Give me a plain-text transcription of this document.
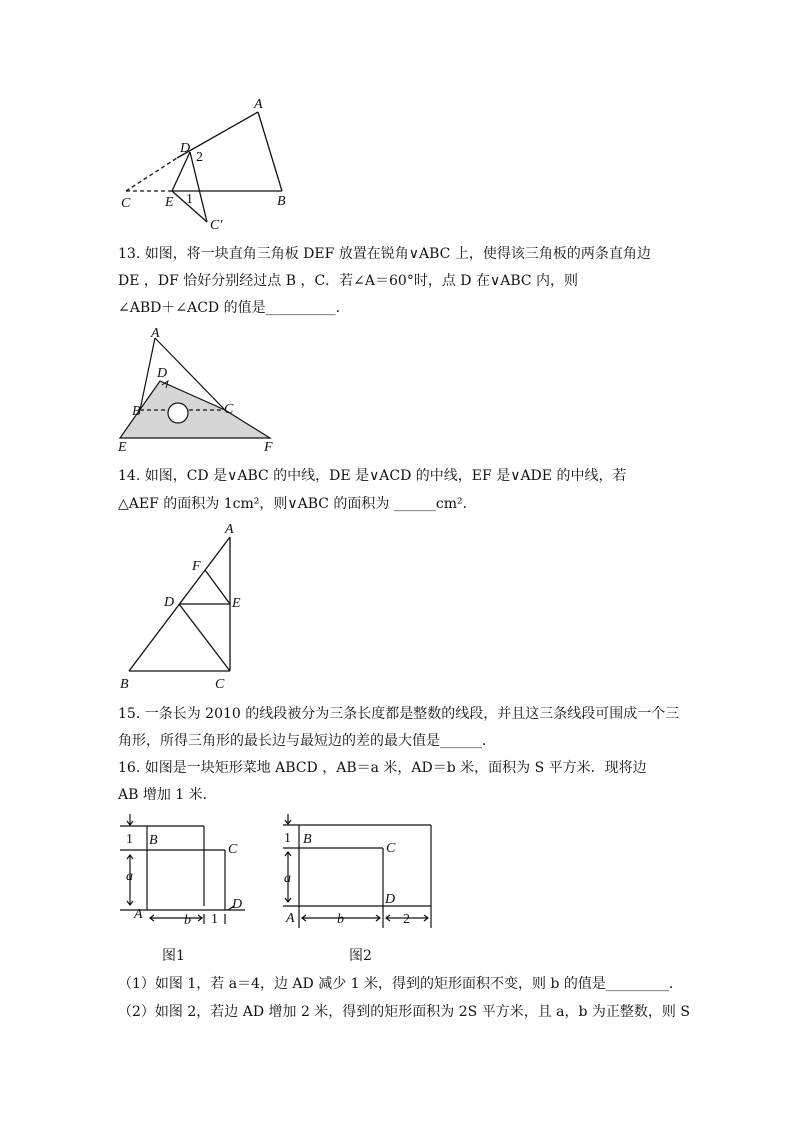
A
D
2
C E 1	B
C′
13. 如图，将一块直角三角板 DEF 放置在锐角∨ABC 上，使得该三角板的两条直角边
DE ，DF 恰好分别经过点 B ，C．若∠A＝60°时，点 D 在∨ABC 内，则
∠ABD＋∠ACD 的值是__________．
A
D
B	C
E	F
14. 如图，CD 是∨ABC 的中线，DE 是∨ACD 的中线，EF 是∨ADE 的中线，若
△AEF 的面积为 1cm²，则∨ABC 的面积为 ______cm²．
A
F
D	E
B	C
15. 一条长为 2010 的线段被分为三条长度都是整数的线段，并且这三条线段可围成一个三
角形，所得三角形的最长边与最短边的差的最大值是______．
16. 如图是一块矩形菜地 ABCD ，AB＝a 米，AD＝b 米，面积为 S 平方米．现将边
AB 增加 1 米．
1 B
C
a
A	b 1
D
图1
1 B
C
a
A	b
D
2
图2
（1）如图 1，若 a＝4，边 AD 减少 1 米，得到的矩形面积不变，则 b 的值是_________．
（2）如图 2，若边 AD 增加 2 米，得到的矩形面积为 2S 平方米，且 a，b 为正整数，则 S
